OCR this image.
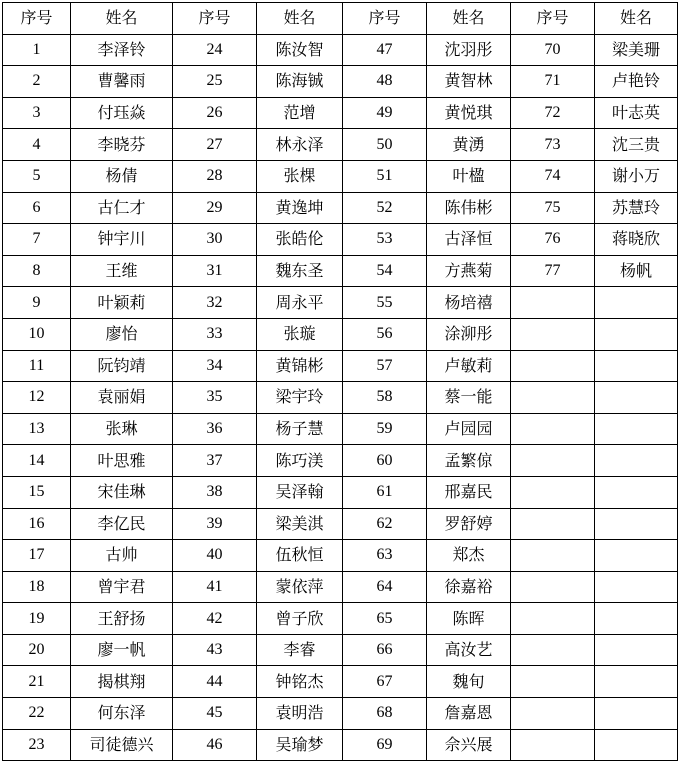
序号	姓名	序号	姓名	序号	姓名	序号	姓名
1	李泽铃	24	陈汝智	47	沈羽彤	70	梁美珊
2	曹馨雨	25	陈海铖	48	黄智林	71	卢艳铃
3	付珏焱	26	范增	49	黄悦琪	72	叶志英
4	李晓芬	27	林永泽	50	黄湧	73	沈三贵
5	杨倩	28	张棵	51	叶楹	74	谢小万
6	古仁才	29	黄逸坤	52	陈伟彬	75	苏慧玲
7	钟宇川	30	张皓伦	53	古泽恒	76	蒋晓欣
8	王维	31	魏东圣	54	方燕菊	77	杨帆
9	叶颖莉	32	周永平	55	杨培禧		
10	廖怡	33	张璇	56	涂泖彤		
11	阮钧靖	34	黄锦彬	57	卢敏莉		
12	袁丽娟	35	梁宇玲	58	蔡一能		
13	张琳	36	杨子慧	59	卢园园		
14	叶思雅	37	陈巧渼	60	孟繁倞		
15	宋佳琳	38	吴泽翰	61	邢嘉民		
16	李亿民	39	梁美淇	62	罗舒婷		
17	古帅	40	伍秋恒	63	郑杰		
18	曾宇君	41	蒙依萍	64	徐嘉裕		
19	王舒扬	42	曾子欣	65	陈晖		
20	廖一帆	43	李睿	66	高汝艺		
21	揭棋翔	44	钟铭杰	67	魏旬		
22	何东泽	45	袁明浩	68	詹嘉恩		
23	司徒德兴	46	吴瑜梦	69	佘兴展		
